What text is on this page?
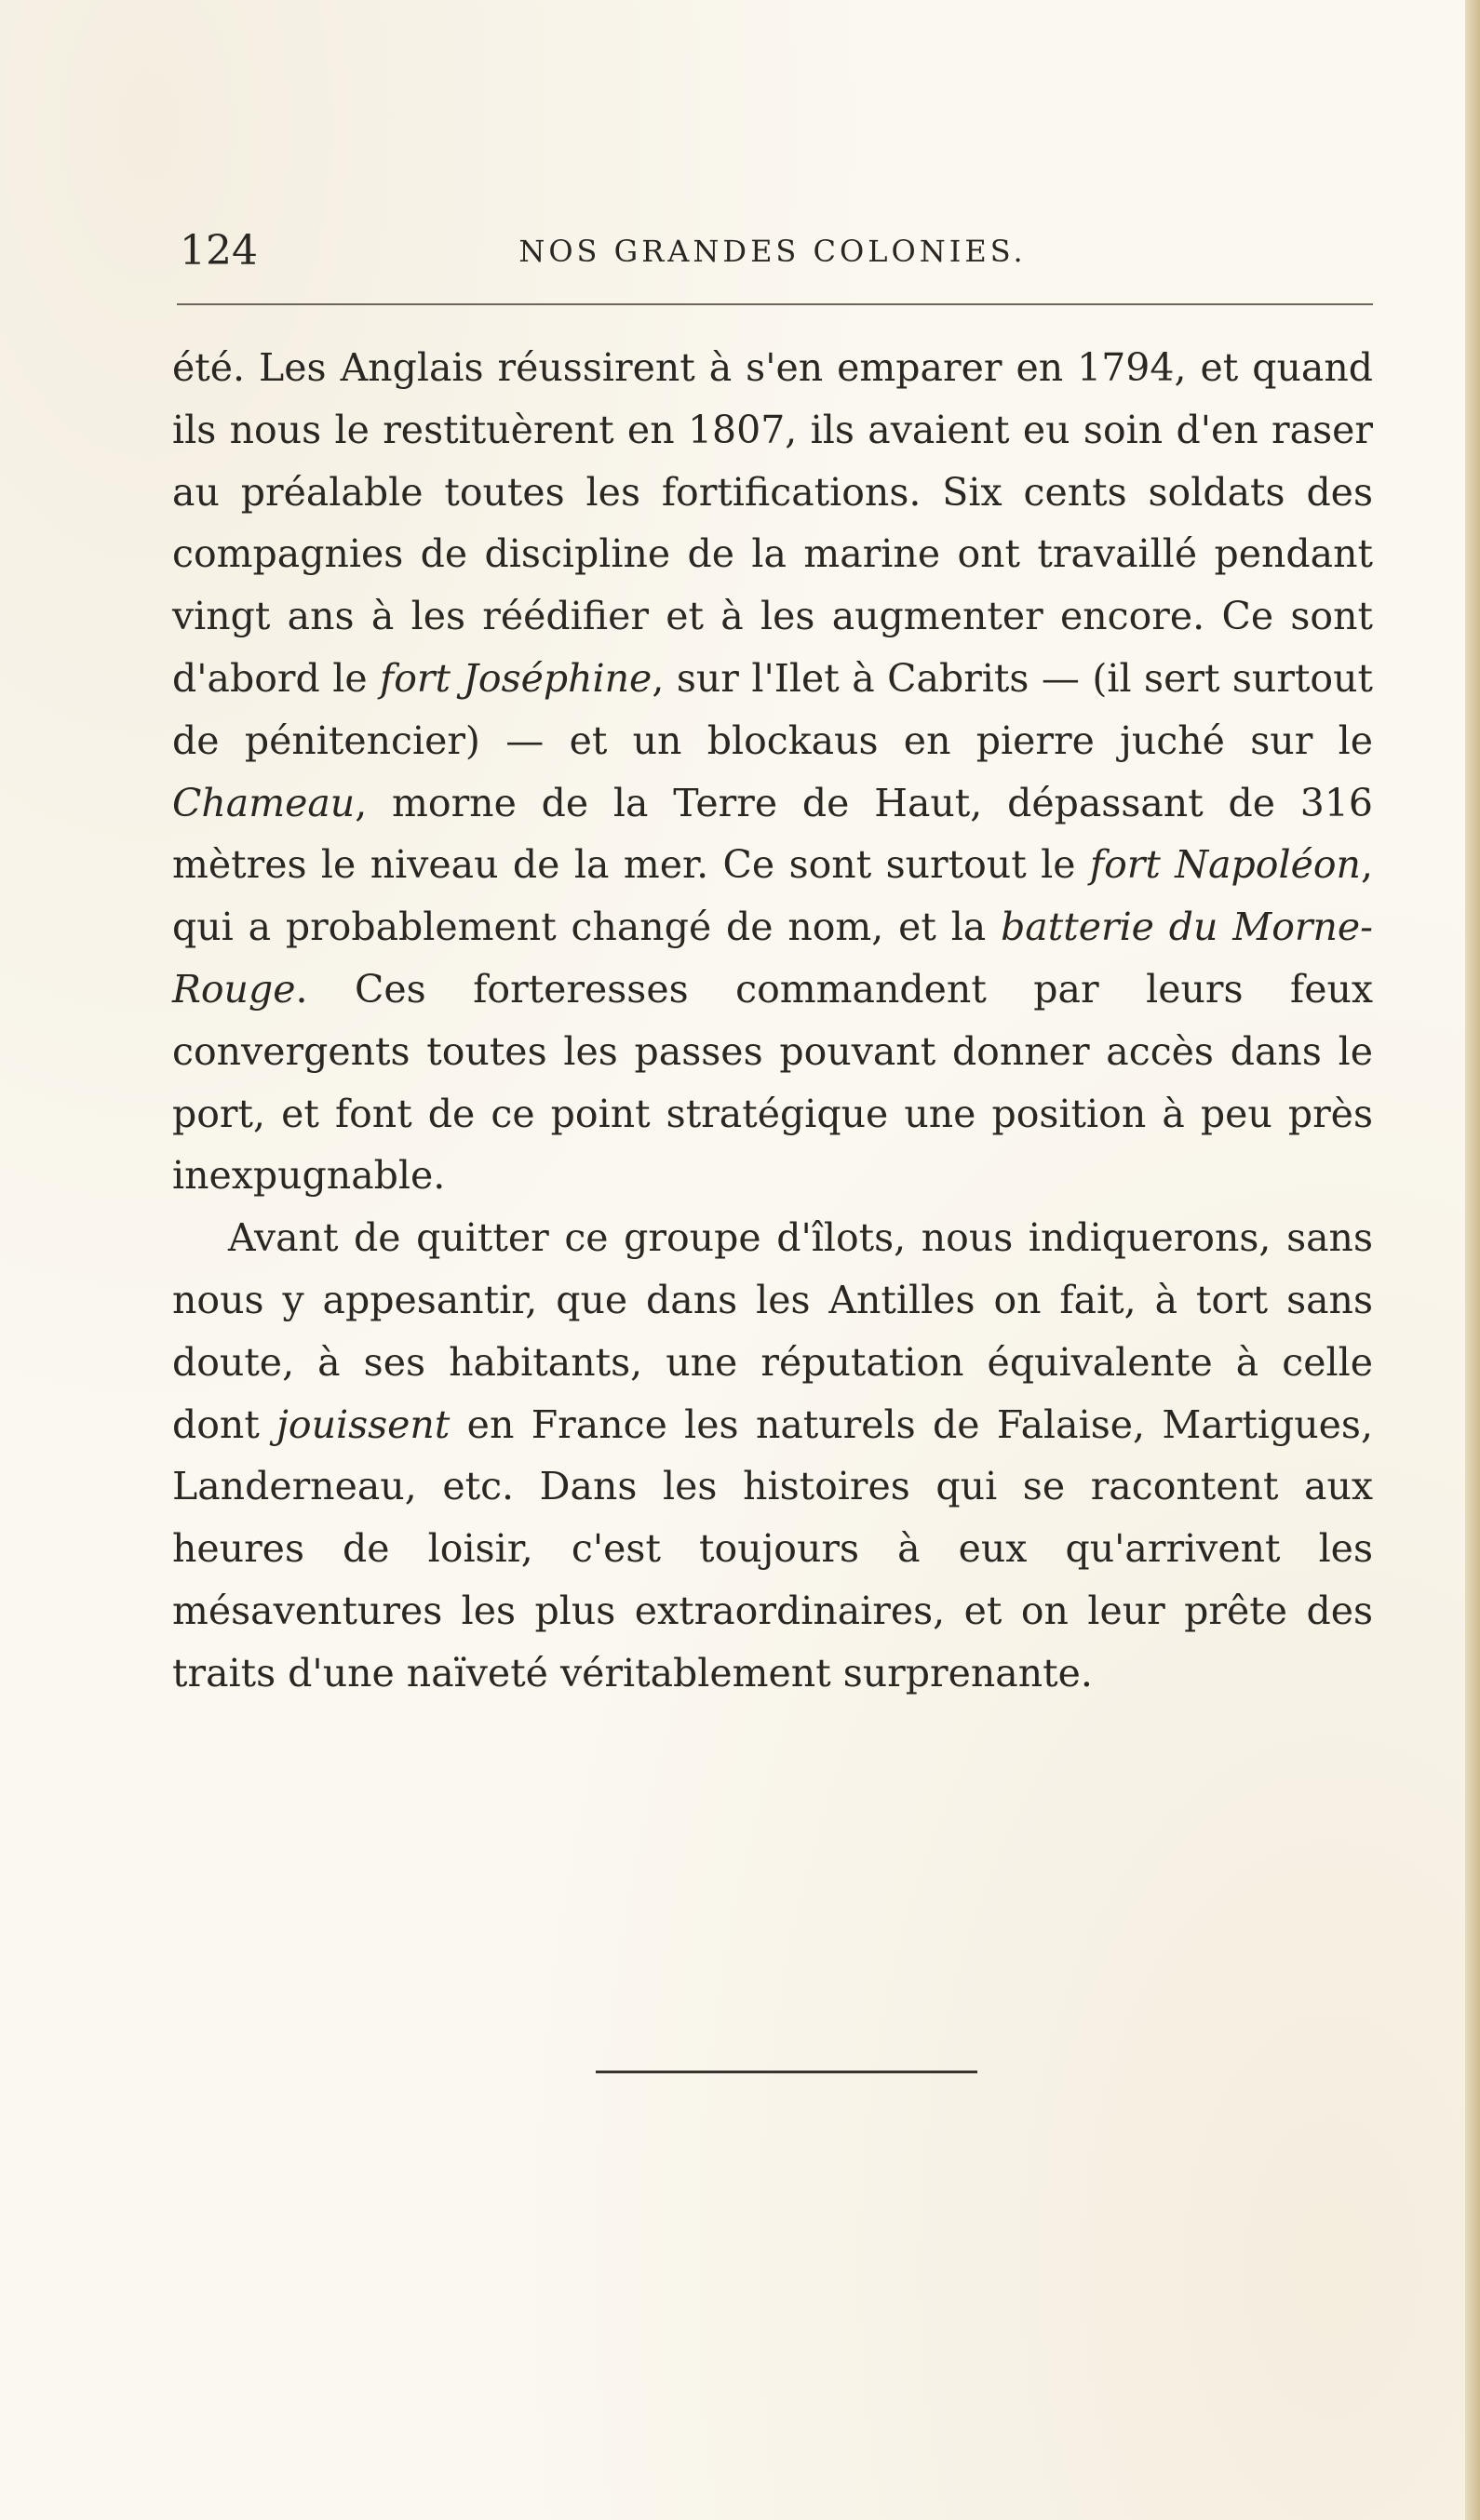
124	NOS GRANDES COLONIES.

été. Les Anglais réussirent à s'en emparer en 1794, et quand ils nous le restituèrent en 1807, ils avaient eu soin d'en raser au préalable toutes les fortifications. Six cents soldats des compagnies de discipline de la marine ont travaillé pendant vingt ans à les réédifier et à les augmenter encore. Ce sont d'abord le fort Joséphine, sur l'Ilet à Cabrits — (il sert surtout de pénitencier) — et un blockaus en pierre juché sur le Chameau, morne de la Terre de Haut, dépassant de 316 mètres le niveau de la mer. Ce sont surtout le fort Napoléon, qui a probablement changé de nom, et la batterie du Morne-Rouge. Ces forteresses commandent par leurs feux convergents toutes les passes pouvant donner accès dans le port, et font de ce point stratégique une position à peu près inexpugnable.

Avant de quitter ce groupe d'îlots, nous indiquerons, sans nous y appesantir, que dans les Antilles on fait, à tort sans doute, à ses habitants, une réputation équivalente à celle dont jouissent en France les naturels de Falaise, Martigues, Landerneau, etc. Dans les histoires qui se racontent aux heures de loisir, c'est toujours à eux qu'arrivent les mésaventures les plus extraordinaires, et on leur prête des traits d'une naïveté véritablement surprenante.
